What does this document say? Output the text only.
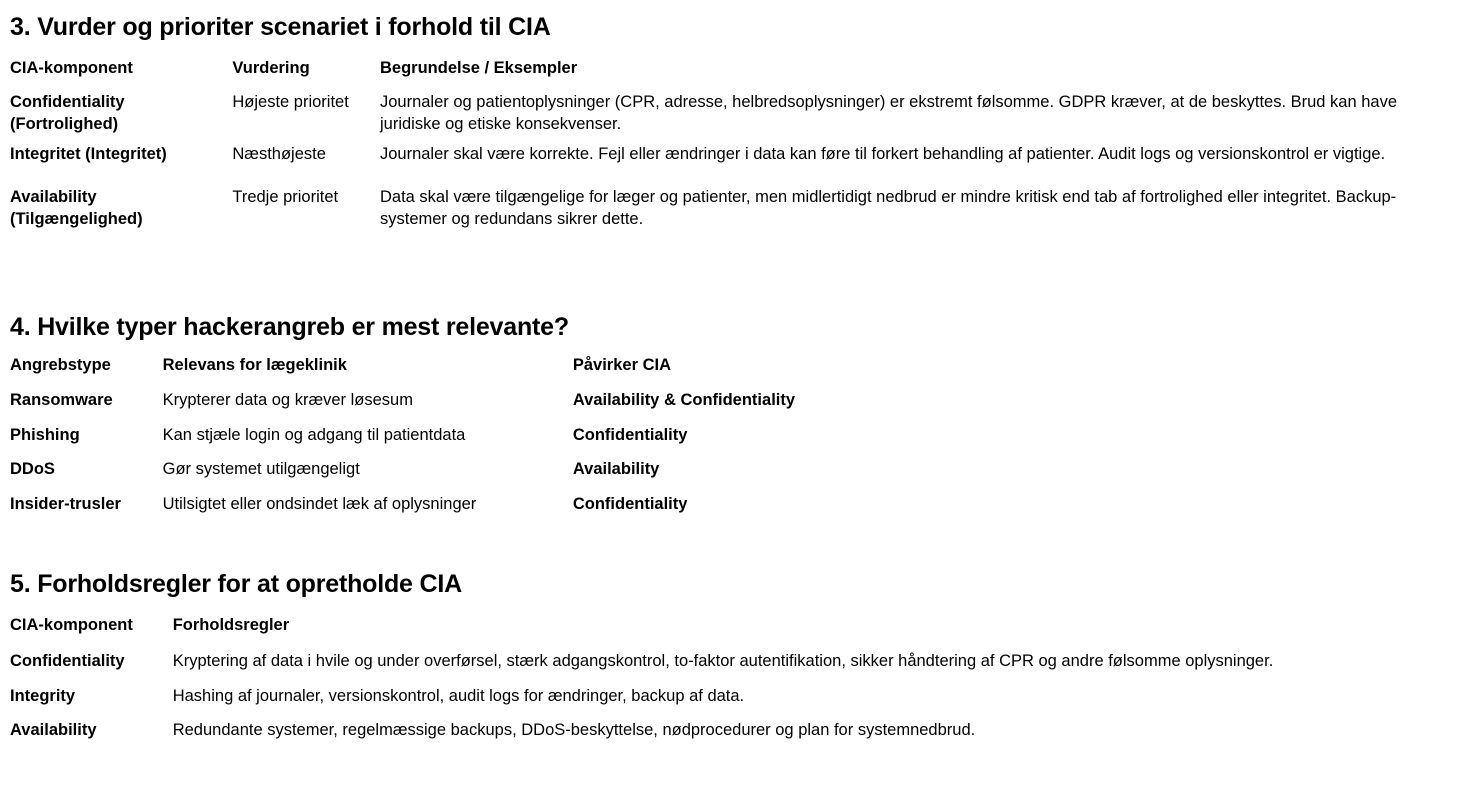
3. Vurder og prioriter scenariet i forhold til CIA
CIA-komponent	Vurdering	Begrundelse / Eksempler
Confidentiality (Fortrolighed)	Højeste prioritet	Journaler og patientoplysninger (CPR, adresse, helbredsoplysninger) er ekstremt følsomme. GDPR kræver, at de beskyttes. Brud kan have juridiske og etiske konsekvenser.
Integritet (Integritet)	Næsthøjeste	Journaler skal være korrekte. Fejl eller ændringer i data kan føre til forkert behandling af patienter. Audit logs og versionskontrol er vigtige.
Availability (Tilgængelighed)	Tredje prioritet	Data skal være tilgængelige for læger og patienter, men midlertidigt nedbrud er mindre kritisk end tab af fortrolighed eller integritet. Backup-systemer og redundans sikrer dette.
4. Hvilke typer hackerangreb er mest relevante?
Angrebstype	Relevans for lægeklinik	Påvirker CIA
Ransomware	Krypterer data og kræver løsesum	Availability & Confidentiality
Phishing	Kan stjæle login og adgang til patientdata	Confidentiality
DDoS	Gør systemet utilgængeligt	Availability
Insider-trusler	Utilsigtet eller ondsindet læk af oplysninger	Confidentiality
5. Forholdsregler for at opretholde CIA
CIA-komponent	Forholdsregler
Confidentiality	Kryptering af data i hvile og under overførsel, stærk adgangskontrol, to-faktor autentifikation, sikker håndtering af CPR og andre følsomme oplysninger.
Integrity	Hashing af journaler, versionskontrol, audit logs for ændringer, backup af data.
Availability	Redundante systemer, regelmæssige backups, DDoS-beskyttelse, nødprocedurer og plan for systemnedbrud.
